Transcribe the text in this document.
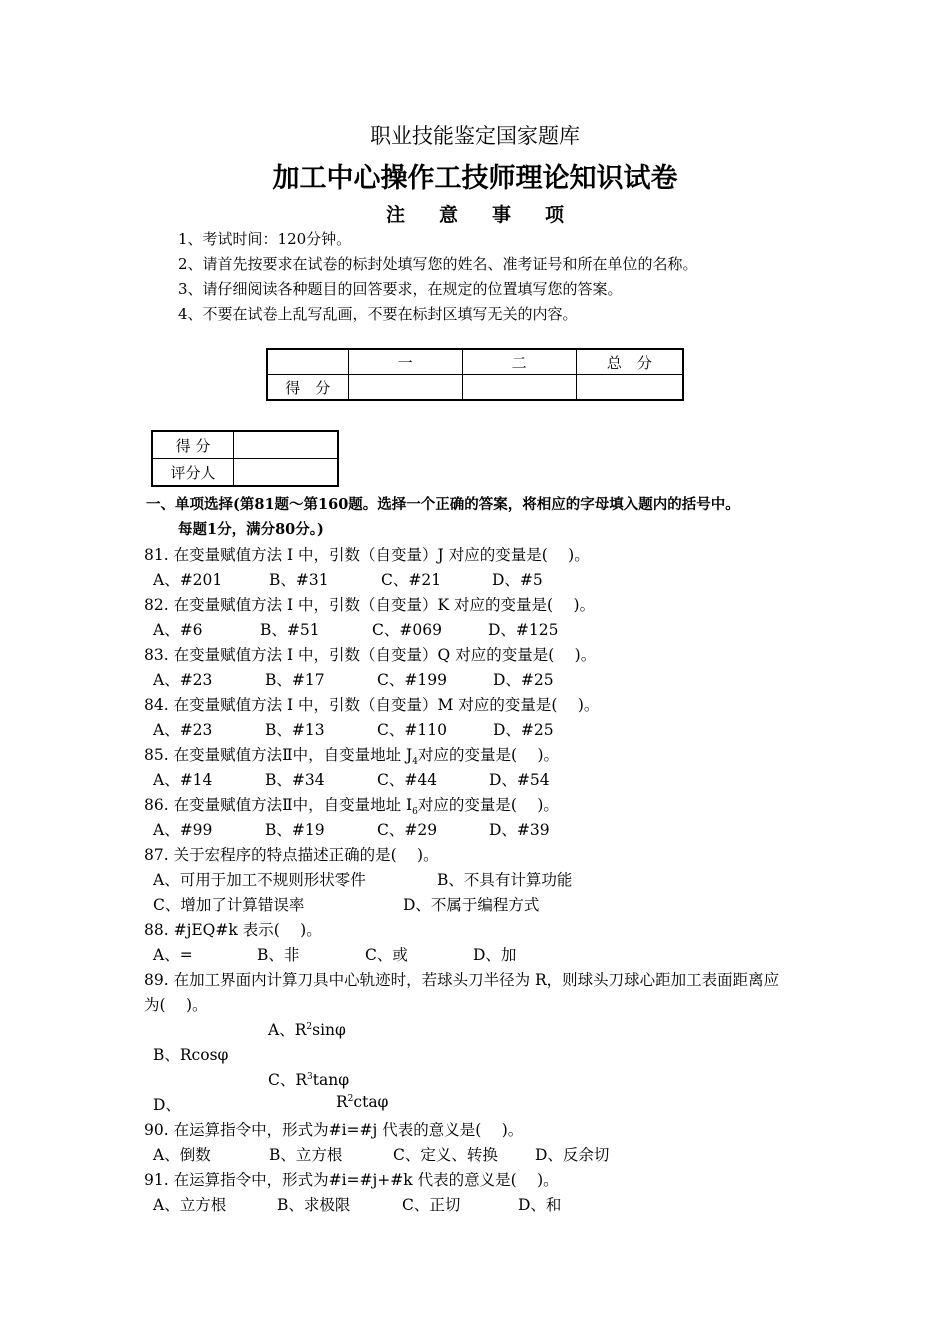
职业技能鉴定国家题库
加工中心操作工技师理论知识试卷
注意事项
1、考试时间：120分钟。
2、请首先按要求在试卷的标封处填写您的姓名、准考证号和所在单位的名称。
3、请仔细阅读各种题目的回答要求，在规定的位置填写您的答案。
4、不要在试卷上乱写乱画，不要在标封区填写无关的内容。
	一	二	总　分
得　分			
得 分	
评分人	
一、单项选择(第81题～第160题。选择一个正确的答案，将相应的字母填入题内的括号中。
每题1分，满分80分。)
81. 在变量赋值方法 I 中，引数（自变量）J 对应的变量是(　 )。
A、#201	B、#31	C、#21	D、#5
82. 在变量赋值方法 I 中，引数（自变量）K 对应的变量是(　 )。
A、#6	B、#51	C、#069	D、#125
83. 在变量赋值方法 I 中，引数（自变量）Q 对应的变量是(　 )。
A、#23	B、#17	C、#199	D、#25
84. 在变量赋值方法 I 中，引数（自变量）M 对应的变量是(　 )。
A、#23	B、#13	C、#110	D、#25
85. 在变量赋值方法Ⅱ中，自变量地址 $J_4$对应的变量是(　 )。
A、#14	B、#34	C、#44	D、#54
86. 在变量赋值方法Ⅱ中，自变量地址 $I_6$对应的变量是(　 )。
A、#99	B、#19	C、#29	D、#39
87. 关于宏程序的特点描述正确的是(　 )。
A、可用于加工不规则形状零件	B、不具有计算功能
C、增加了计算错误率	D、不属于编程方式
88. #jEQ#k 表示(　 )。
A、=	B、非	C、或	D、加
89. 在加工界面内计算刀具中心轨迹时，若球头刀半径为 R，则球头刀球心距加工表面距离应
为(　 )。
A、$R^2\sin\varphi$
B、Rcosφ
C、$R^3\tan\varphi$
D、	$R^2cta\varphi$
90. 在运算指令中，形式为#i=#j 代表的意义是(　 )。
A、倒数	B、立方根	C、定义、转换 D、反余切
91. 在运算指令中，形式为#i=#j+#k 代表的意义是(　 )。
A、立方根	B、求极限	C、正切	D、和
